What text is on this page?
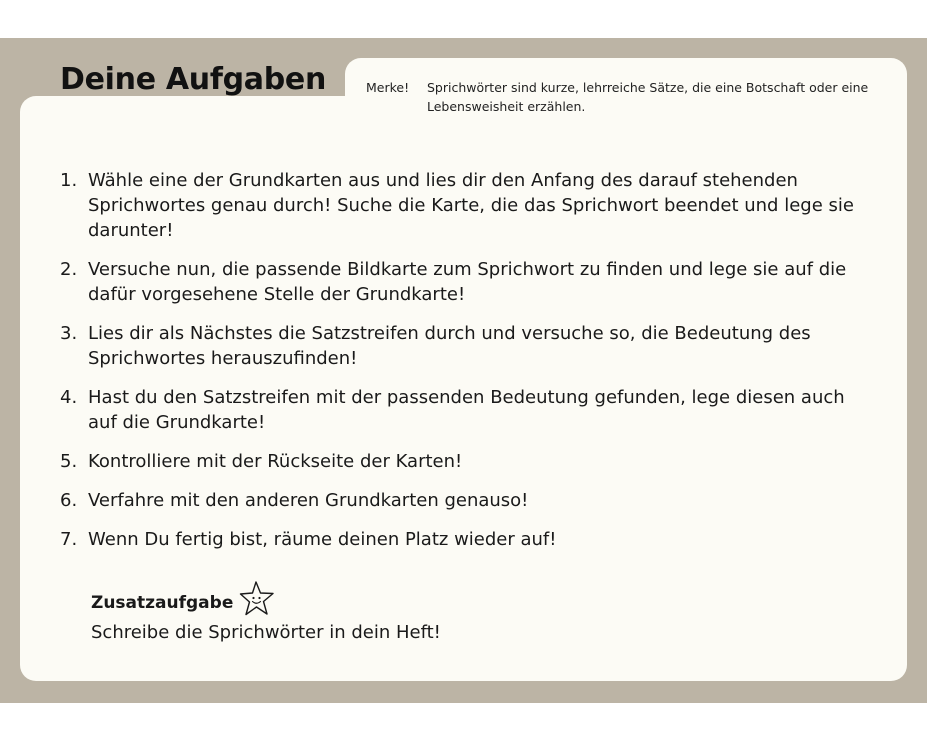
Deine Aufgaben	Merke!	Sprichwörter sind kurze, lehrreiche Sätze, die eine Botschaft oder eine Lebensweisheit erzählen.
1. Wähle eine der Grundkarten aus und lies dir den Anfang des darauf stehenden Sprichwortes genau durch! Suche die Karte, die das Sprichwort beendet und lege sie darunter!
2. Versuche nun, die passende Bildkarte zum Sprichwort zu finden und lege sie auf die dafür vorgesehene Stelle der Grundkarte!
3. Lies dir als Nächstes die Satzstreifen durch und versuche so, die Bedeutung des Sprichwortes herauszufinden!
4. Hast du den Satzstreifen mit der passenden Bedeutung gefunden, lege diesen auch auf die Grundkarte!
5. Kontrolliere mit der Rückseite der Karten!
6. Verfahre mit den anderen Grundkarten genauso!
7. Wenn Du fertig bist, räume deinen Platz wieder auf!
Zusatzaufgabe
Schreibe die Sprichwörter in dein Heft!
